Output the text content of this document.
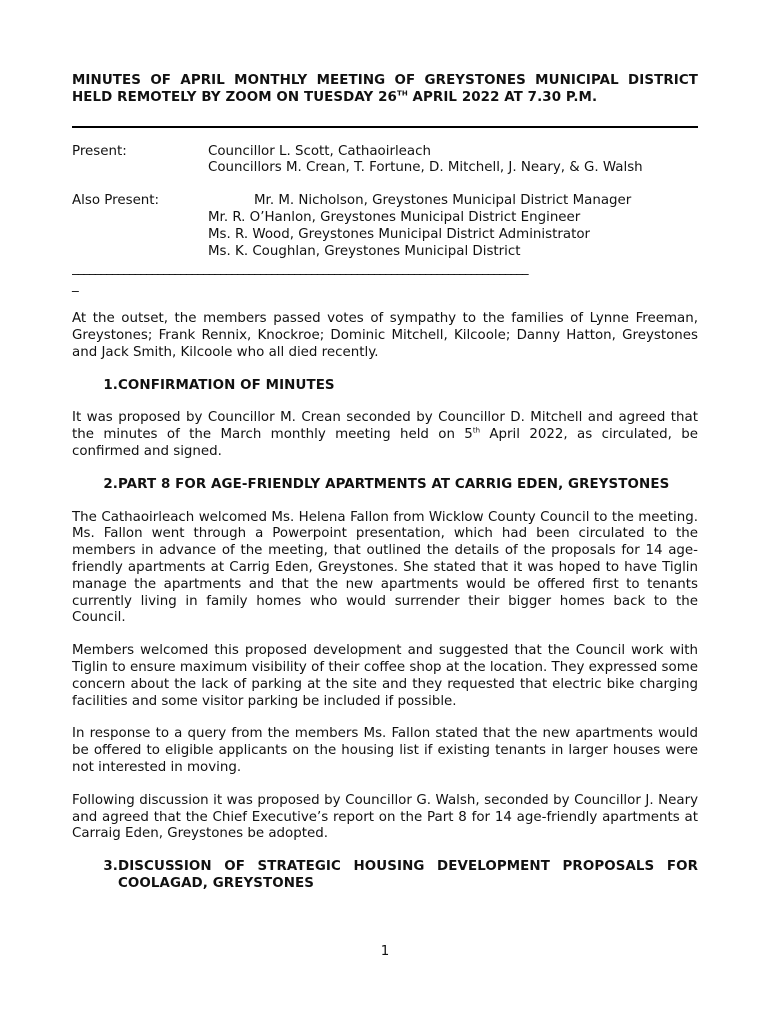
MINUTES OF APRIL MONTHLY MEETING OF GREYSTONES MUNICIPAL DISTRICT HELD REMOTELY BY ZOOM ON TUESDAY 26TH APRIL 2022 AT 7.30 P.M.
Present:	Councillor L. Scott, Cathaoirleach
Councillors M. Crean, T. Fortune, D. Mitchell, J. Neary, & G. Walsh
Also Present:	Mr. M. Nicholson, Greystones Municipal District Manager
Mr. R. O’Hanlon, Greystones Municipal District Engineer
Ms. R. Wood, Greystones Municipal District Administrator
Ms. K. Coughlan, Greystones Municipal District
________________________________________________________________________________
_

At the outset, the members passed votes of sympathy to the families of Lynne Freeman, Greystones; Frank Rennix, Knockroe; Dominic Mitchell, Kilcoole; Danny Hatton, Greystones and Jack Smith, Kilcoole who all died recently.

1. CONFIRMATION OF MINUTES

It was proposed by Councillor M. Crean seconded by Councillor D. Mitchell and agreed that the minutes of the March monthly meeting held on 5th April 2022, as circulated, be confirmed and signed.

2. PART 8 FOR AGE-FRIENDLY APARTMENTS AT CARRIG EDEN, GREYSTONES

The Cathaoirleach welcomed Ms. Helena Fallon from Wicklow County Council to the meeting. Ms. Fallon went through a Powerpoint presentation, which had been circulated to the members in advance of the meeting, that outlined the details of the proposals for 14 age-friendly apartments at Carrig Eden, Greystones. She stated that it was hoped to have Tiglin manage the apartments and that the new apartments would be offered first to tenants currently living in family homes who would surrender their bigger homes back to the Council.

Members welcomed this proposed development and suggested that the Council work with Tiglin to ensure maximum visibility of their coffee shop at the location. They expressed some concern about the lack of parking at the site and they requested that electric bike charging facilities and some visitor parking be included if possible.

In response to a query from the members Ms. Fallon stated that the new apartments would be offered to eligible applicants on the housing list if existing tenants in larger houses were not interested in moving.

Following discussion it was proposed by Councillor G. Walsh, seconded by Councillor J. Neary and agreed that the Chief Executive’s report on the Part 8 for 14 age-friendly apartments at Carraig Eden, Greystones be adopted.

3. DISCUSSION OF STRATEGIC HOUSING DEVELOPMENT PROPOSALS FOR COOLAGAD, GREYSTONES
1
